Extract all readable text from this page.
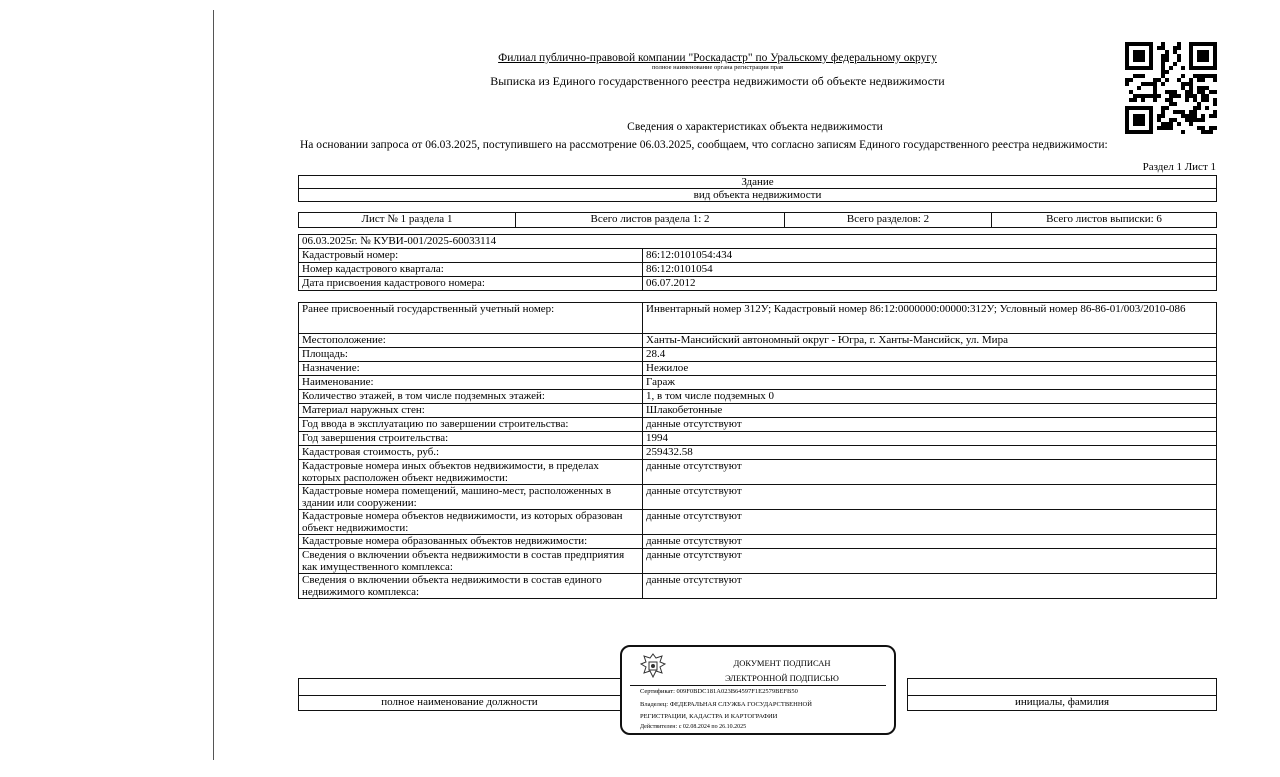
Филиал публично-правовой компании "Роскадастр" по Уральскому федеральному округу
полное наименование органа регистрации прав
Выписка из Единого государственного реестра недвижимости об объекте недвижимости
Сведения о характеристиках объекта недвижимости
На основании запроса от 06.03.2025, поступившего на рассмотрение 06.03.2025, сообщаем, что согласно записям Единого государственного реестра недвижимости:
Раздел 1 Лист 1
Здание
вид объекта недвижимости
Лист № 1 раздела 1	Всего листов раздела 1: 2	Всего разделов: 2	Всего листов выписки: 6
06.03.2025г. № КУВИ-001/2025-60033114	
Кадастровый номер:	86:12:0101054:434
Номер кадастрового квартала:	86:12:0101054
Дата присвоения кадастрового номера:	06.07.2012
Ранее присвоенный государственный учетный номер:	Инвентарный номер 312У; Кадастровый номер 86:12:0000000:00000:312У; Условный номер 86-86-01/003/2010-086
Местоположение:	Ханты-Мансийский автономный округ - Югра, г. Ханты-Мансийск, ул. Мира
Площадь:	28.4
Назначение:	Нежилое
Наименование:	Гараж
Количество этажей, в том числе подземных этажей:	1, в том числе подземных 0
Материал наружных стен:	Шлакобетонные
Год ввода в эксплуатацию по завершении строительства:	данные отсутствуют
Год завершения строительства:	1994
Кадастровая стоимость, руб.:	259432.58
Кадастровые номера иных объектов недвижимости, в пределах которых расположен объект недвижимости:	данные отсутствуют
Кадастровые номера помещений, машино-мест, расположенных в здании или сооружении:	данные отсутствуют
Кадастровые номера объектов недвижимости, из которых образован объект недвижимости:	данные отсутствуют
Кадастровые номера образованных объектов недвижимости:	данные отсутствуют
Сведения о включении объекта недвижимости в состав предприятия как имущественного комплекса:	данные отсутствуют
Сведения о включении объекта недвижимости в состав единого недвижимого комплекса:	данные отсутствуют

полное наименование должности		инициалы, фамилия
ДОКУМЕНТ ПОДПИСАН
ЭЛЕКТРОННОЙ ПОДПИСЬЮ
Сертификат: 009F0BDC181A023B64597F1E2579BEFB50
Владелец: ФЕДЕРАЛЬНАЯ СЛУЖБА ГОСУДАРСТВЕННОЙ
РЕГИСТРАЦИИ, КАДАСТРА И КАРТОГРАФИИ
Действителен: с 02.08.2024 по 26.10.2025
